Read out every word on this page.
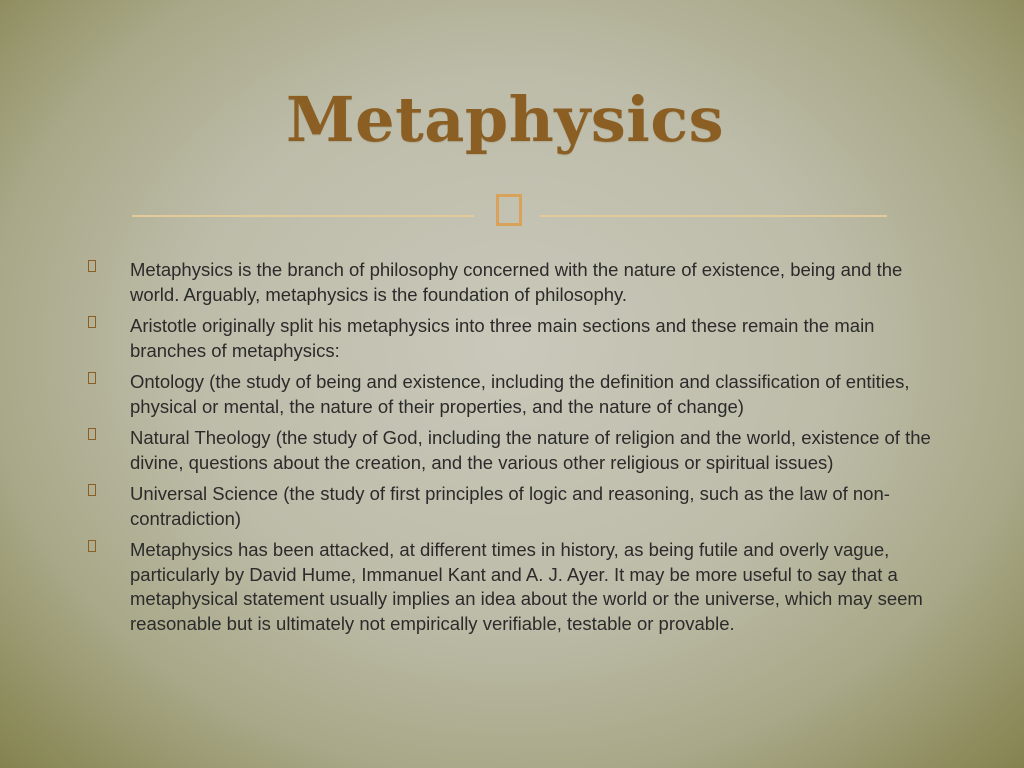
Metaphysics
Metaphysics is the branch of philosophy concerned with the nature of existence, being and the world. Arguably, metaphysics is the foundation of philosophy.
Aristotle originally split his metaphysics into three main sections and these remain the main branches of metaphysics:
Ontology (the study of being and existence, including the definition and classification of entities, physical or mental, the nature of their properties, and the nature of change)
Natural Theology (the study of God, including the nature of religion and the world, existence of the divine, questions about the creation, and the various other religious or spiritual issues)
Universal Science (the study of first principles of logic and reasoning, such as the law of non-contradiction)
Metaphysics has been attacked, at different times in history, as being futile and overly vague, particularly by David Hume, Immanuel Kant and A. J. Ayer. It may be more useful to say that a metaphysical statement usually implies an idea about the world or the universe, which may seem reasonable but is ultimately not empirically verifiable, testable or provable.
